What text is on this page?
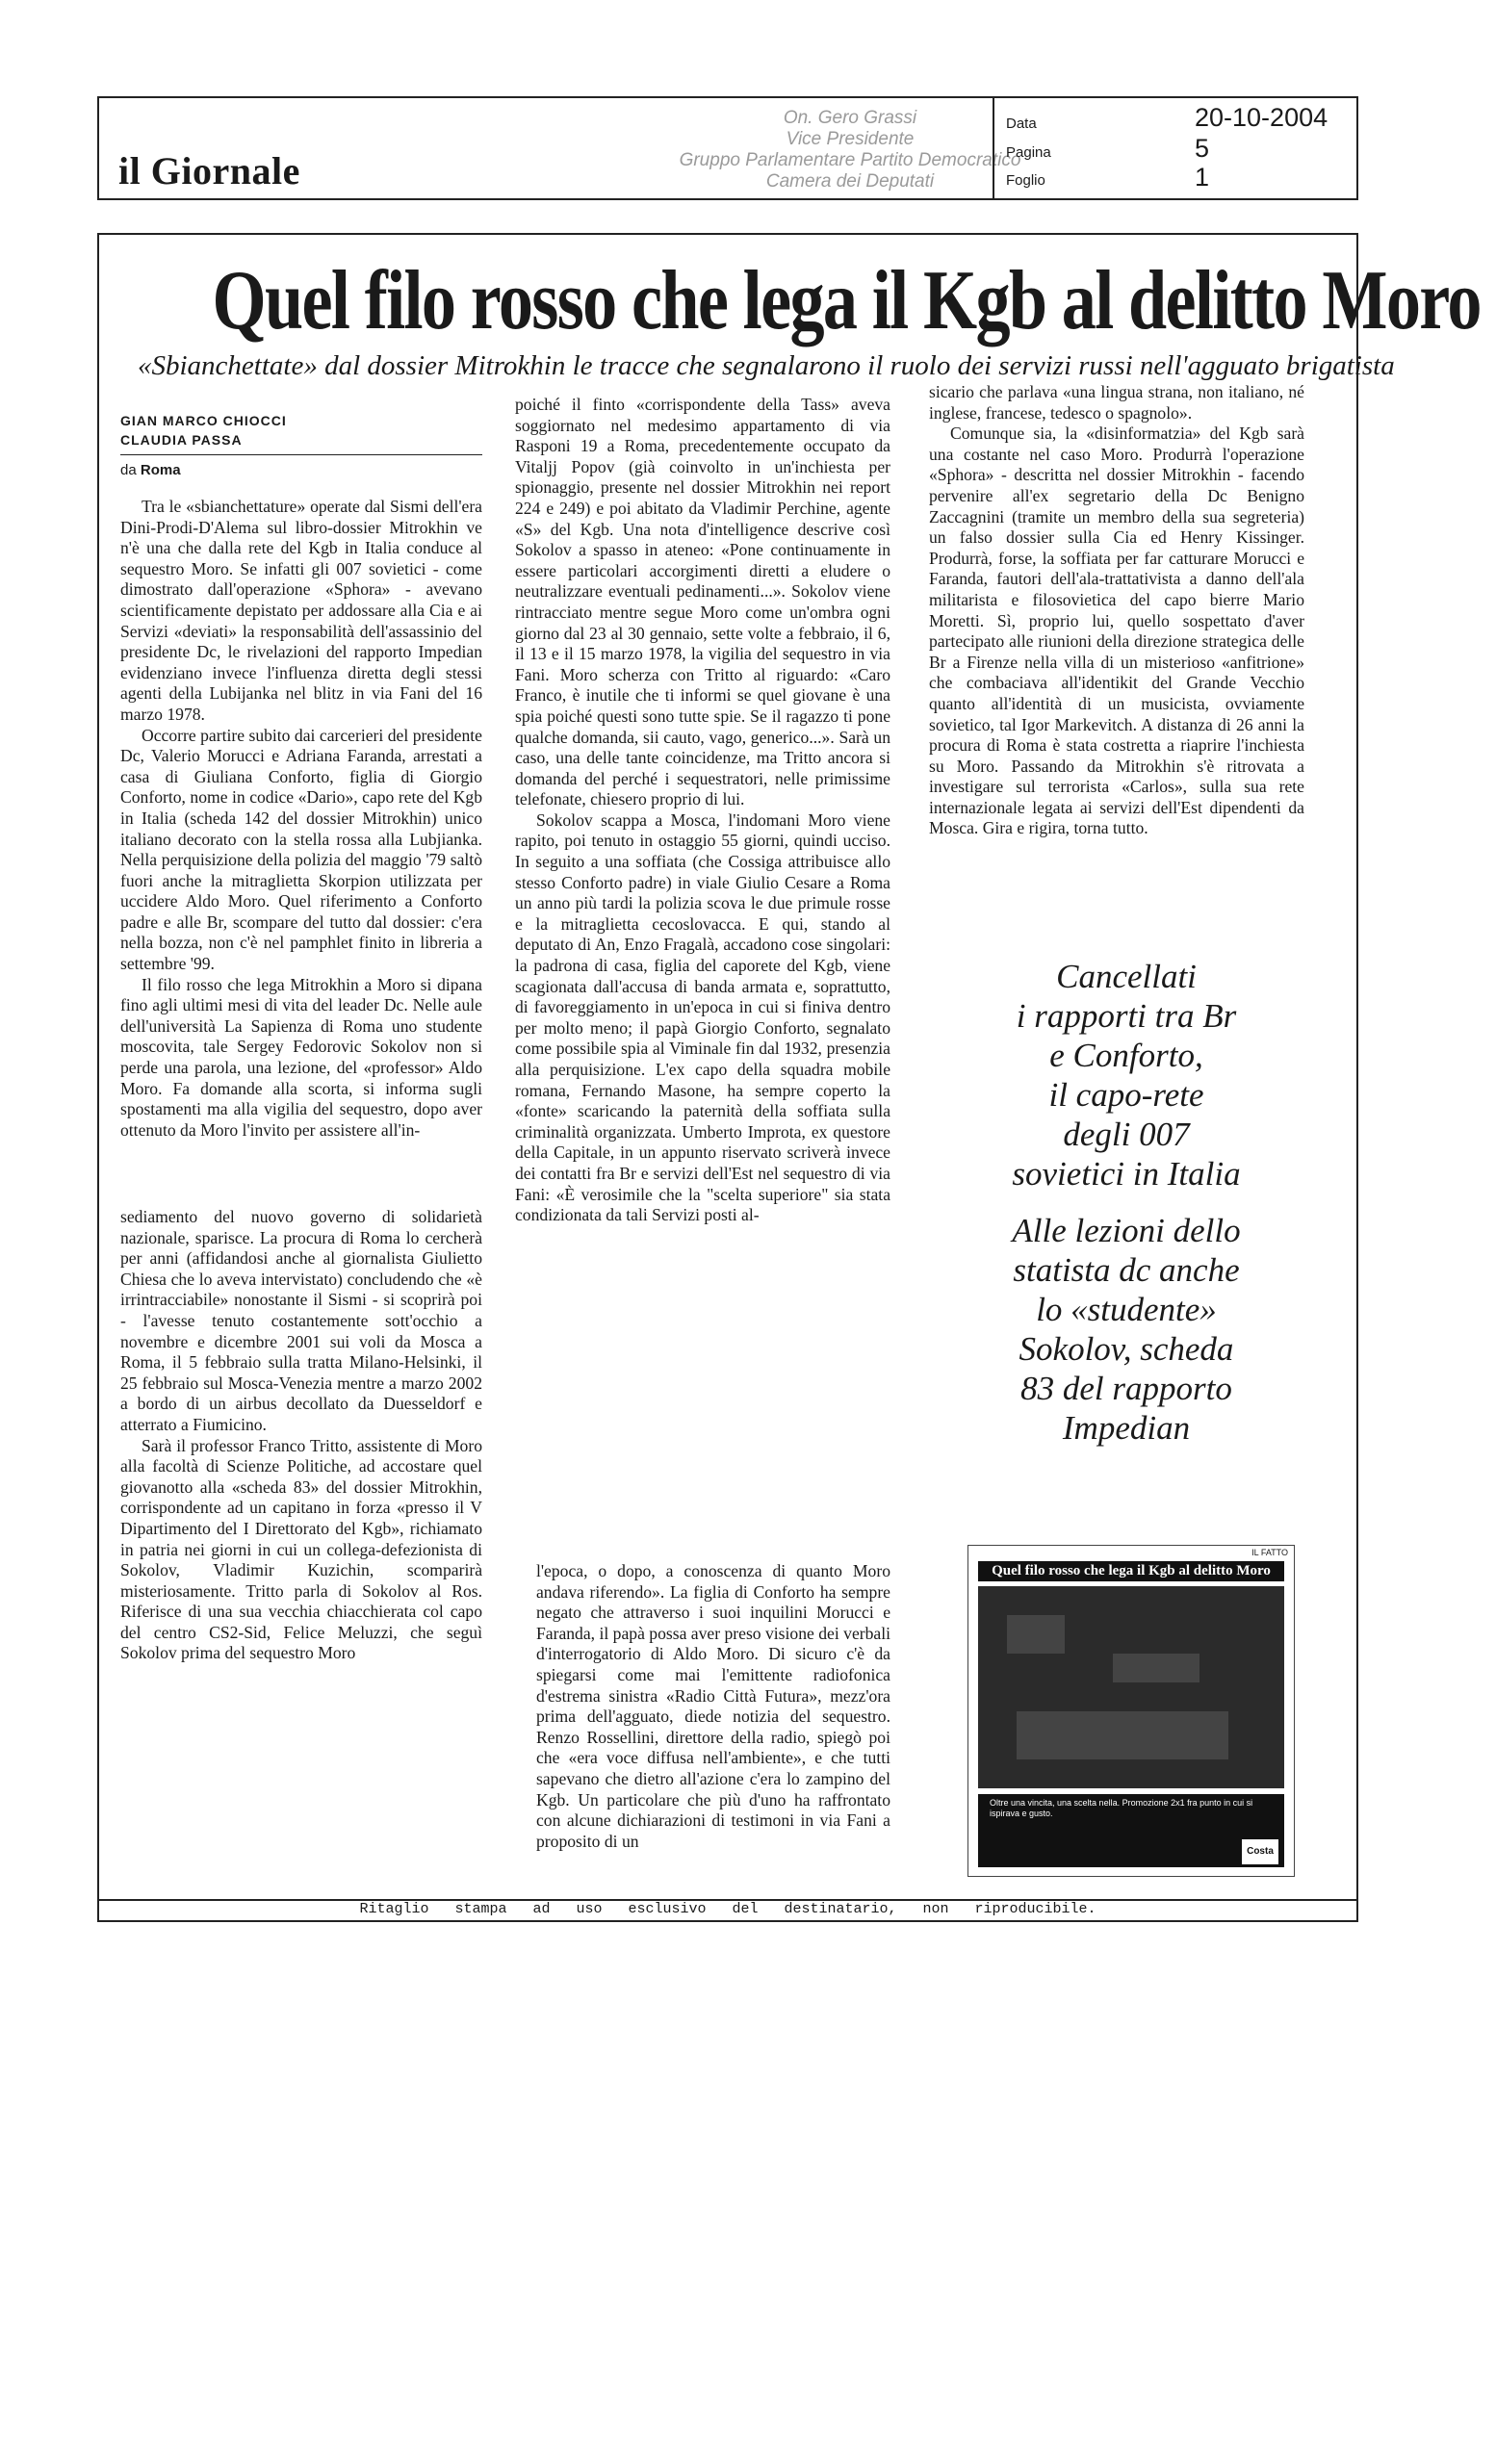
il Giornale
On. Gero Grassi
Vice Presidente
Gruppo Parlamentare Partito Democratico
Camera dei Deputati
Data	20-10-2004
Pagina	5
Foglio	1
Quel filo rosso che lega il Kgb al delitto Moro
«Sbianchettate» dal dossier Mitrokhin le tracce che segnalarono il ruolo dei servizi russi nell'agguato brigatista
GIAN MARCO CHIOCCI
CLAUDIA PASSA
da Roma

Tra le «sbianchettature» operate dal Sismi dell'era Dini-Prodi-D'Alema sul libro-dossier Mitrokhin ve n'è una che dalla rete del Kgb in Italia conduce al sequestro Moro. Se infatti gli 007 sovietici - come dimostrato dall'operazione «Sphora» - avevano scientificamente depistato per addossare alla Cia e ai Servizi «deviati» la responsabilità dell'assassinio del presidente Dc, le rivelazioni del rapporto Impedian evidenziano invece l'influenza diretta degli stessi agenti della Lubijanka nel blitz in via Fani del 16 marzo 1978.

Occorre partire subito dai carcerieri del presidente Dc, Valerio Morucci e Adriana Faranda, arrestati a casa di Giuliana Conforto, figlia di Giorgio Conforto, nome in codice «Dario», capo rete del Kgb in Italia (scheda 142 del dossier Mitrokhin) unico italiano decorato con la stella rossa alla Lubjianka. Nella perquisizione della polizia del maggio '79 saltò fuori anche la mitraglietta Skorpion utilizzata per uccidere Aldo Moro. Quel riferimento a Conforto padre e alle Br, scompare del tutto dal dossier: c'era nella bozza, non c'è nel pamphlet finito in libreria a settembre '99.

Il filo rosso che lega Mitrokhin a Moro si dipana fino agli ultimi mesi di vita del leader Dc. Nelle aule dell'università La Sapienza di Roma uno studente moscovita, tale Sergey Fedorovic Sokolov non si perde una parola, una lezione, del «professor» Aldo Moro. Fa domande alla scorta, si informa sugli spostamenti ma alla vigilia del sequestro, dopo aver ottenuto da Moro l'invito per assistere all'in-

sediamento del nuovo governo di solidarietà nazionale, sparisce. La procura di Roma lo cercherà per anni (affidandosi anche al giornalista Giulietto Chiesa che lo aveva intervistato) concludendo che «è irrintracciabile» nonostante il Sismi - si scoprirà poi - l'avesse tenuto costantemente sott'occhio a novembre e dicembre 2001 sui voli da Mosca a Roma, il 5 febbraio sulla tratta Milano-Helsinki, il 25 febbraio sul Mosca-Venezia mentre a marzo 2002 a bordo di un airbus decollato da Duesseldorf e atterrato a Fiumicino.

Sarà il professor Franco Tritto, assistente di Moro alla facoltà di Scienze Politiche, ad accostare quel giovanotto alla «scheda 83» del dossier Mitrokhin, corrispondente ad un capitano in forza «presso il V Dipartimento del I Direttorato del Kgb», richiamato in patria nei giorni in cui un collega-defezionista di Sokolov, Vladimir Kuzichin, scomparirà misteriosamente. Tritto parla di Sokolov al Ros. Riferisce di una sua vecchia chiacchierata col capo del centro CS2-Sid, Felice Meluzzi, che seguì Sokolov prima del sequestro Moro

poiché il finto «corrispondente della Tass» aveva soggiornato nel medesimo appartamento di via Rasponi 19 a Roma, precedentemente occupato da Vitaljj Popov (già coinvolto in un'inchiesta per spionaggio, presente nel dossier Mitrokhin nei report 224 e 249) e poi abitato da Vladimir Perchine, agente «S» del Kgb. Una nota d'intelligence descrive così Sokolov a spasso in ateneo: «Pone continuamente in essere particolari accorgimenti diretti a eludere o neutralizzare eventuali pedinamenti...». Sokolov viene rintracciato mentre segue Moro come un'ombra ogni giorno dal 23 al 30 gennaio, sette volte a febbraio, il 6, il 13 e il 15 marzo 1978, la vigilia del sequestro in via Fani. Moro scherza con Tritto al riguardo: «Caro Franco, è inutile che ti informi se quel giovane è una spia poiché questi sono tutte spie. Se il ragazzo ti pone qualche domanda, sii cauto, vago, generico...». Sarà un caso, una delle tante coincidenze, ma Tritto ancora si domanda del perché i sequestratori, nelle primissime telefonate, chiesero proprio di lui.

Sokolov scappa a Mosca, l'indomani Moro viene rapito, poi tenuto in ostaggio 55 giorni, quindi ucciso. In seguito a una soffiata (che Cossiga attribuisce allo stesso Conforto padre) in viale Giulio Cesare a Roma un anno più tardi la polizia scova le due primule rosse e la mitraglietta cecoslovacca. E qui, stando al deputato di An, Enzo Fragalà, accadono cose singolari: la padrona di casa, figlia del caporete del Kgb, viene scagionata dall'accusa di banda armata e, soprattutto, di favoreggiamento in un'epoca in cui si finiva dentro per molto meno; il papà Giorgio Conforto, segnalato come possibile spia al Viminale fin dal 1932, presenzia alla perquisizione. L'ex capo della squadra mobile romana, Fernando Masone, ha sempre coperto la «fonte» scaricando la paternità della soffiata sulla criminalità organizzata. Umberto Improta, ex questore della Capitale, in un appunto riservato scriverà invece dei contatti fra Br e servizi dell'Est nel sequestro di via Fani: «È verosimile che la "scelta superiore" sia stata condizionata da tali Servizi posti al-

l'epoca, o dopo, a conoscenza di quanto Moro andava riferendo». La figlia di Conforto ha sempre negato che attraverso i suoi inquilini Morucci e Faranda, il papà possa aver preso visione dei verbali d'interrogatorio di Aldo Moro. Di sicuro c'è da spiegarsi come mai l'emittente radiofonica d'estrema sinistra «Radio Città Futura», mezz'ora prima dell'agguato, diede notizia del sequestro. Renzo Rossellini, direttore della radio, spiegò poi che «era voce diffusa nell'ambiente», e che tutti sapevano che dietro all'azione c'era lo zampino del Kgb. Un particolare che più d'uno ha raffrontato con alcune dichiarazioni di testimoni in via Fani a proposito di un

sicario che parlava «una lingua strana, non italiano, né inglese, francese, tedesco o spagnolo».

Comunque sia, la «disinformatzia» del Kgb sarà una costante nel caso Moro. Produrrà l'operazione «Sphora» - descritta nel dossier Mitrokhin - facendo pervenire all'ex segretario della Dc Benigno Zaccagnini (tramite un membro della sua segreteria) un falso dossier sulla Cia ed Henry Kissinger. Produrrà, forse, la soffiata per far catturare Morucci e Faranda, fautori dell'ala-trattativista a danno dell'ala militarista e filosovietica del capo bierre Mario Moretti. Sì, proprio lui, quello sospettato d'aver partecipato alle riunioni della direzione strategica delle Br a Firenze nella villa di un misterioso «anfitrione» che combaciava all'identikit del Grande Vecchio quanto all'identità di un musicista, ovviamente sovietico, tal Igor Markevitch. A distanza di 26 anni la procura di Roma è stata costretta a riaprire l'inchiesta su Moro. Passando da Mitrokhin s'è ritrovata a investigare sul terrorista «Carlos», sulla sua rete internazionale legata ai servizi dell'Est dipendenti da Mosca. Gira e rigira, torna tutto.

Cancellati
i rapporti tra Br
e Conforto,
il capo-rete
degli 007
sovietici in Italia
Alle lezioni dello
statista dc anche
lo «studente»
Sokolov, scheda
83 del rapporto
Impedian
IL FATTO
Quel filo rosso che lega il Kgb al delitto Moro
Oltre una vincita, una scelta nella. Promozione 2x1 fra punto in cui si ispirava e gusto.
Costa
Ritaglio stampa ad uso esclusivo del destinatario, non riproducibile.
